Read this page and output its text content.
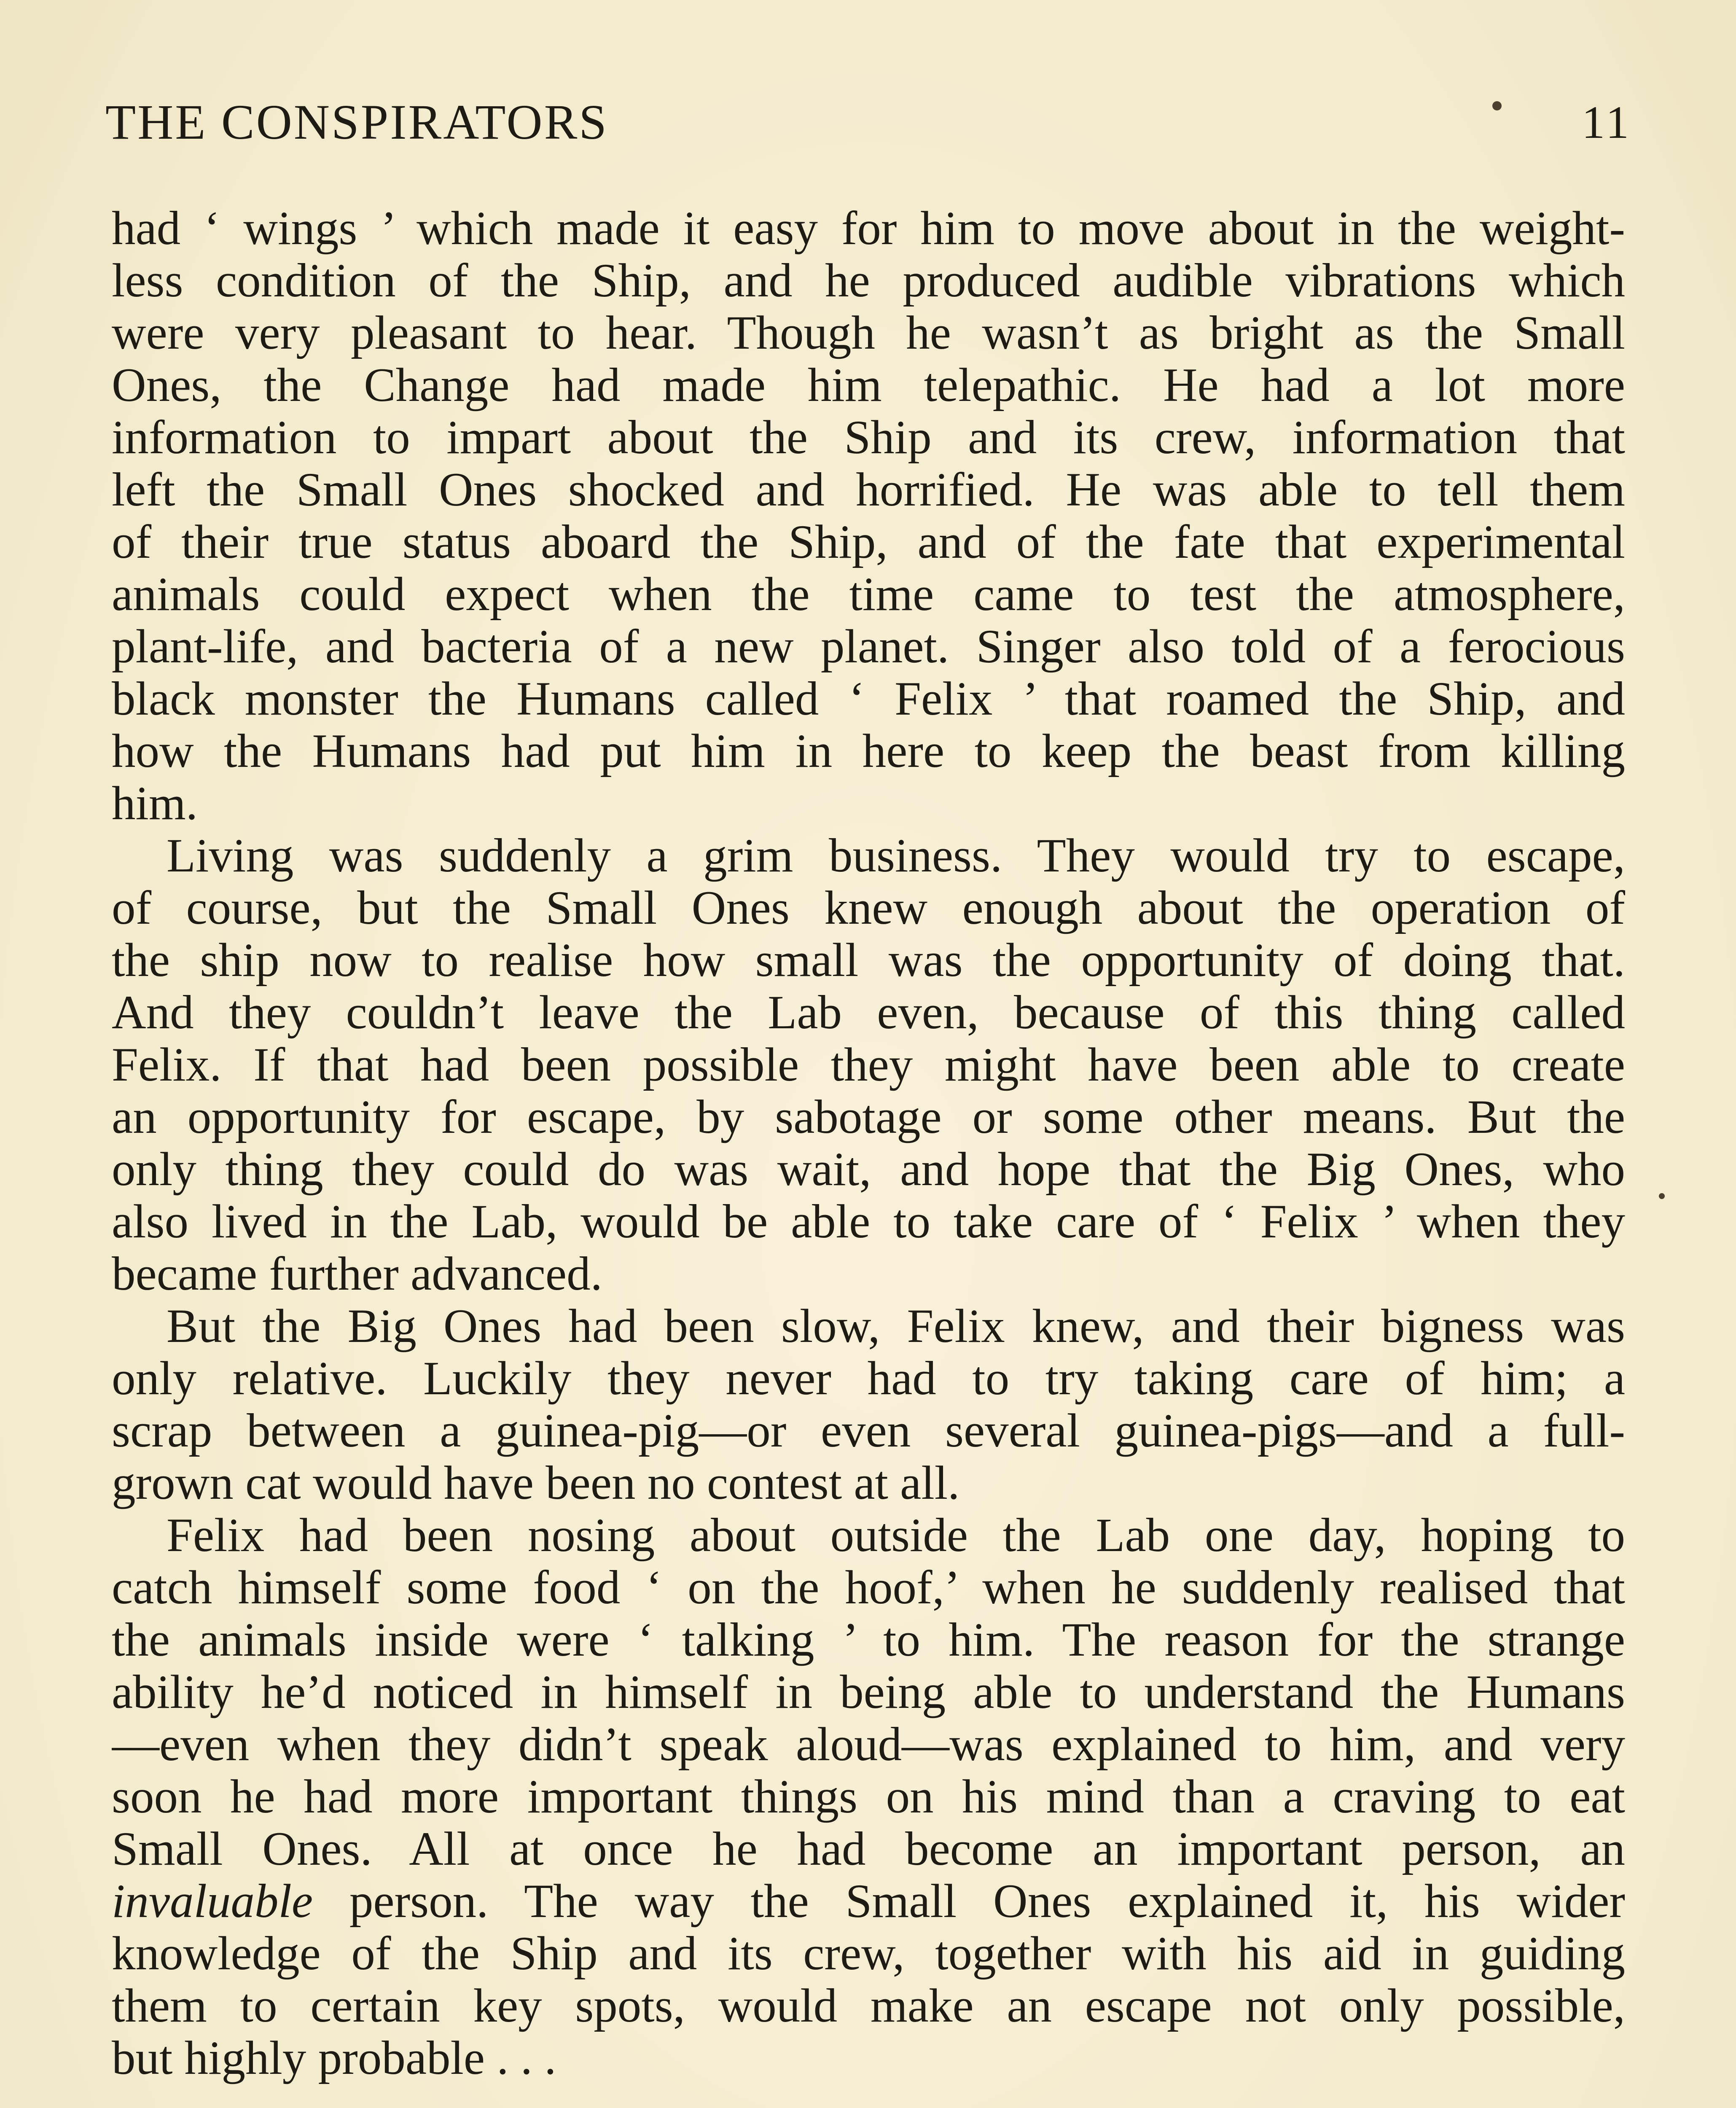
THE CONSPIRATORS	11
had ‘ wings ’ which made it easy for him to move about in the weight-
less condition of the Ship, and he produced audible vibrations which
were very pleasant to hear. Though he wasn’t as bright as the Small
Ones, the Change had made him telepathic. He had a lot more
information to impart about the Ship and its crew, information that
left the Small Ones shocked and horrified. He was able to tell them
of their true status aboard the Ship, and of the fate that experimental
animals could expect when the time came to test the atmosphere,
plant-life, and bacteria of a new planet. Singer also told of a ferocious
black monster the Humans called ‘ Felix ’ that roamed the Ship, and
how the Humans had put him in here to keep the beast from killing
him.
Living was suddenly a grim business. They would try to escape,
of course, but the Small Ones knew enough about the operation of
the ship now to realise how small was the opportunity of doing that.
And they couldn’t leave the Lab even, because of this thing called
Felix. If that had been possible they might have been able to create
an opportunity for escape, by sabotage or some other means. But the
only thing they could do was wait, and hope that the Big Ones, who
also lived in the Lab, would be able to take care of ‘ Felix ’ when they
became further advanced.
But the Big Ones had been slow, Felix knew, and their bigness was
only relative. Luckily they never had to try taking care of him; a
scrap between a guinea-pig—or even several guinea-pigs—and a full-
grown cat would have been no contest at all.
Felix had been nosing about outside the Lab one day, hoping to
catch himself some food ‘ on the hoof,’ when he suddenly realised that
the animals inside were ‘ talking ’ to him. The reason for the strange
ability he’d noticed in himself in being able to understand the Humans
—even when they didn’t speak aloud—was explained to him, and very
soon he had more important things on his mind than a craving to eat
Small Ones. All at once he had become an important person, an
invaluable person. The way the Small Ones explained it, his wider
knowledge of the Ship and its crew, together with his aid in guiding
them to certain key spots, would make an escape not only possible,
but highly probable . . .
